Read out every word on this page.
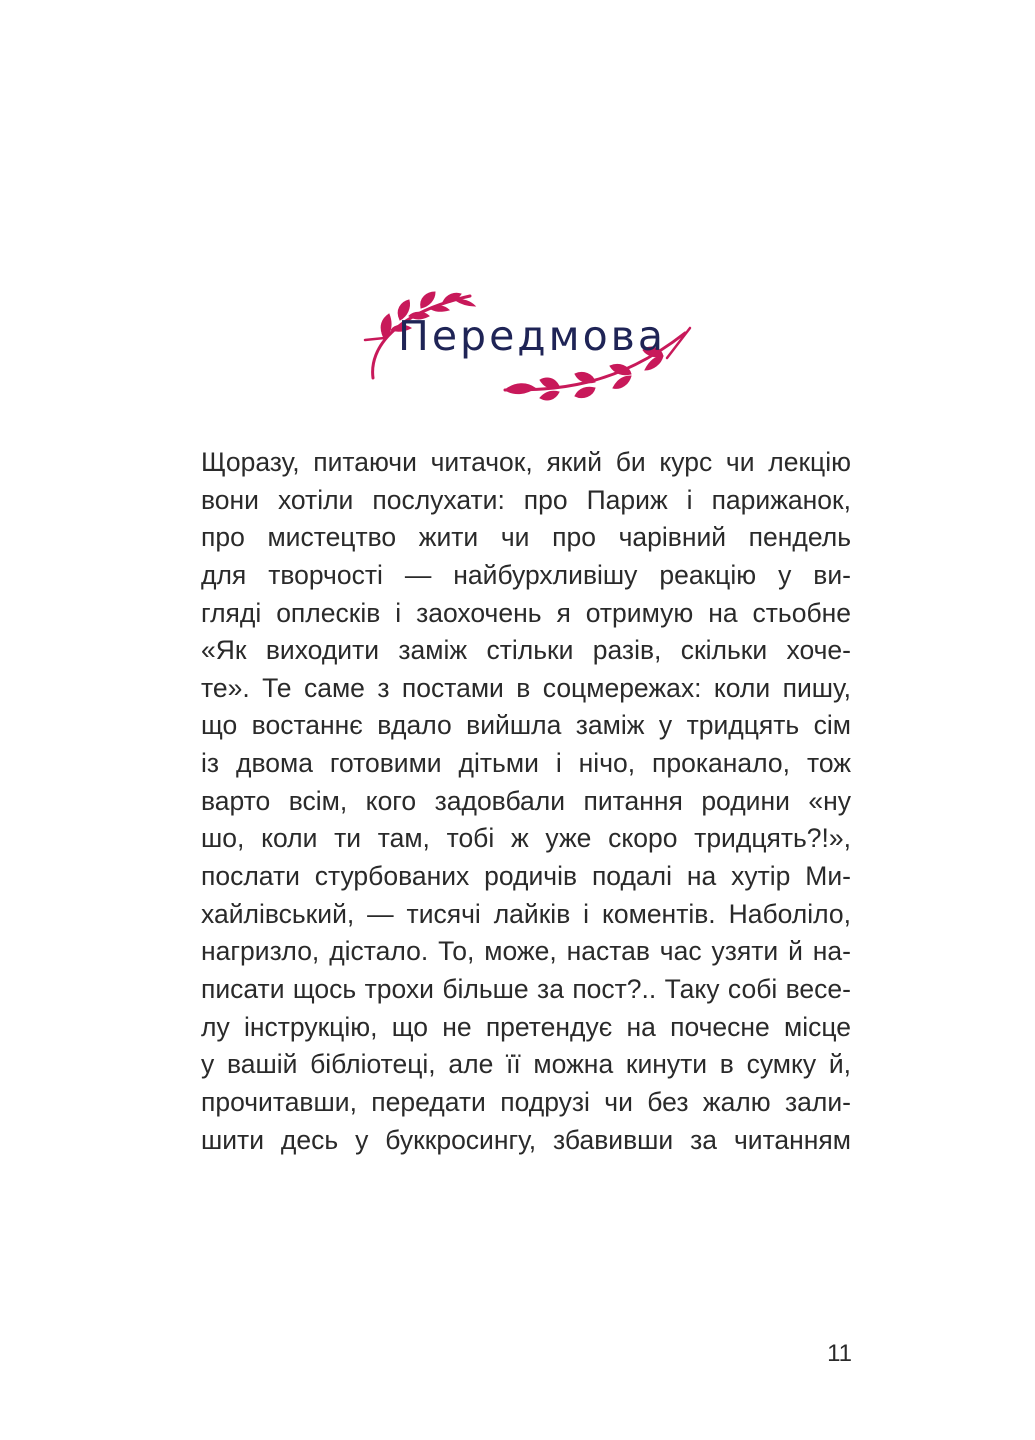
Передмова
Щоразу, питаючи читачок, який би курс чи лекцію
вони хотіли послухати: про Париж і парижанок,
про мистецтво жити чи про чарівний пендель
для творчості — найбурхливішу реакцію у ви-
гляді оплесків і заохочень я отримую на стьобне
«Як виходити заміж стільки разів, скільки хоче-
те». Те саме з постами в соцмережах: коли пишу,
що востаннє вдало вийшла заміж у тридцять сім
із двома готовими дітьми і нічо, проканало, тож
варто всім, кого задовбали питання родини «ну
шо, коли ти там, тобі ж уже скоро тридцять?!»,
послати стурбованих родичів подалі на хутір Ми-
хайлівський, — тисячі лайків і коментів. Наболіло,
нагризло, дістало. То, може, настав час узяти й на-
писати щось трохи більше за пост?.. Таку собі весе-
лу інструкцію, що не претендує на почесне місце
у вашій бібліотеці, але її можна кинути в сумку й,
прочитавши, передати подрузі чи без жалю зали-
шити десь у буккросингу, збавивши за читанням
11
